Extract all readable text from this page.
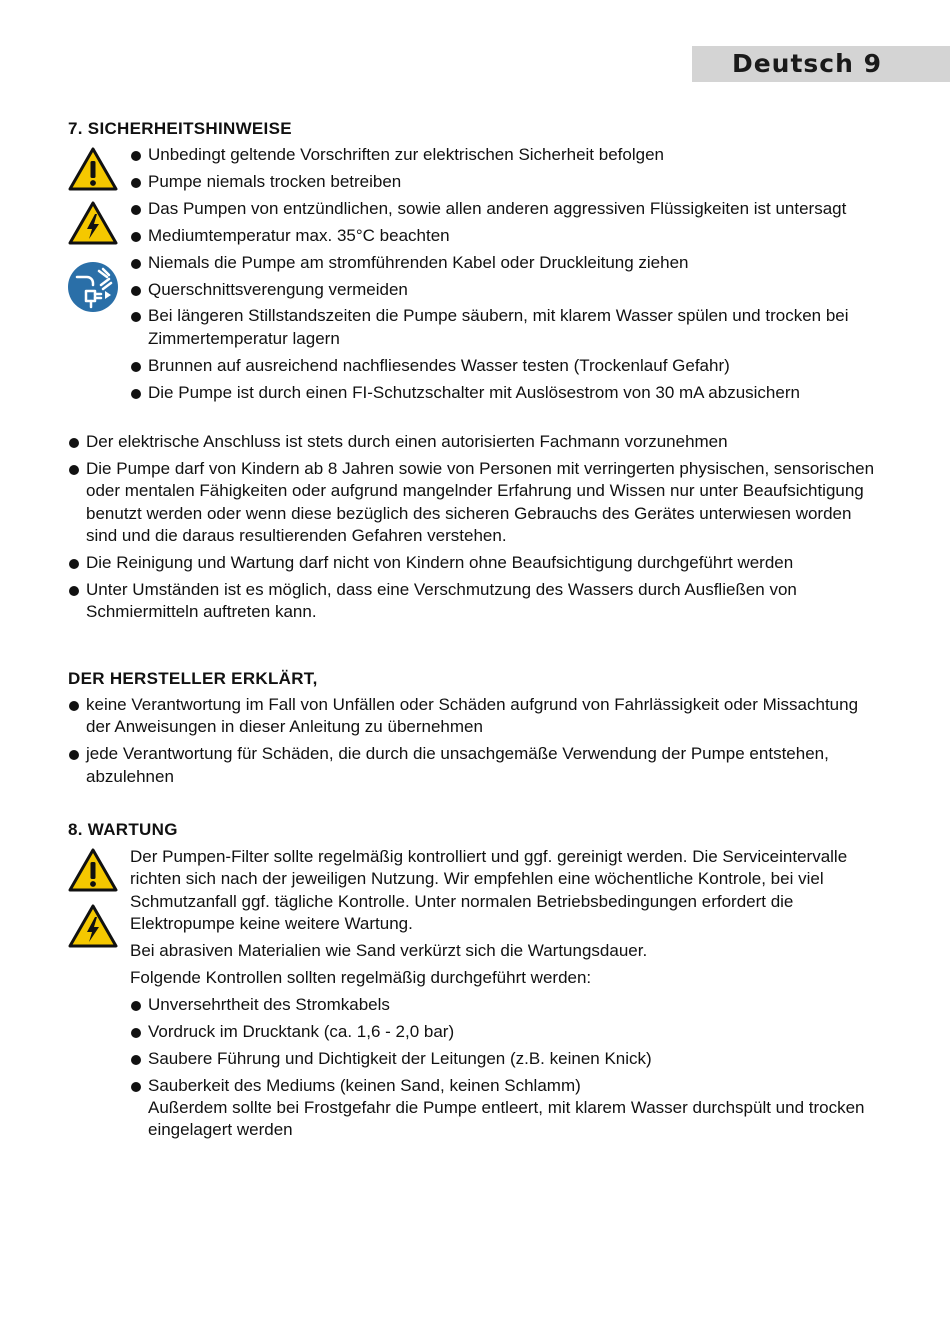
Deutsch 9
7. SICHERHEITSHINWEISE
Unbedingt geltende Vorschriften zur elektrischen Sicherheit befolgen
Pumpe niemals trocken betreiben
Das Pumpen von entzündlichen, sowie allen anderen aggressiven Flüssigkeiten ist untersagt
Mediumtemperatur max. 35°C beachten
Niemals die Pumpe am stromführenden Kabel oder Druckleitung ziehen
Querschnittsverengung vermeiden
Bei längeren Stillstandszeiten die Pumpe säubern, mit klarem Wasser spülen und trocken bei Zimmertemperatur lagern
Brunnen auf ausreichend nachfliesendes Wasser testen (Trockenlauf Gefahr)
Die Pumpe ist durch einen FI-Schutzschalter mit Auslösestrom von 30 mA abzusichern
Der elektrische Anschluss ist stets durch einen autorisierten Fachmann vorzunehmen
Die Pumpe darf von Kindern ab 8 Jahren sowie von Personen mit verringerten physischen, sensorischen oder mentalen Fähigkeiten oder aufgrund mangelnder Erfahrung und Wissen nur unter Beaufsichtigung benutzt werden oder wenn diese bezüglich des sicheren Gebrauchs des Gerätes unterwiesen worden sind und die daraus resultierenden Gefahren verstehen.
Die Reinigung und Wartung darf nicht von Kindern ohne Beaufsichtigung durchgeführt werden
Unter Umständen ist es möglich, dass eine Verschmutzung des Wassers durch Ausfließen von Schmiermitteln auftreten kann.
DER HERSTELLER ERKLÄRT,
keine Verantwortung im Fall von Unfällen oder Schäden aufgrund von Fahrlässigkeit oder Missachtung der Anweisungen in dieser Anleitung zu übernehmen
jede Verantwortung für Schäden, die durch die unsachgemäße Verwendung der Pumpe entstehen, abzulehnen
8. WARTUNG

Der Pumpen-Filter sollte regelmäßig kontrolliert und ggf. gereinigt werden. Die Serviceintervalle richten sich nach der jeweiligen Nutzung. Wir empfehlen eine wöchentliche Kontrole, bei viel Schmutzanfall ggf. tägliche Kontrolle. Unter normalen Betriebsbedingungen erfordert die Elektropumpe keine weitere Wartung.

Bei abrasiven Materialien wie Sand verkürzt sich die Wartungsdauer.

Folgende Kontrollen sollten regelmäßig durchgeführt werden:

Unversehrtheit des Stromkabels
Vordruck im Drucktank (ca. 1,6 - 2,0 bar)
Saubere Führung und Dichtigkeit der Leitungen (z.B. keinen Knick)
Sauberkeit des Mediums (keinen Sand, keinen Schlamm)
Außerdem sollte bei Frostgefahr die Pumpe entleert, mit klarem Wasser durchspült und trocken eingelagert werden
